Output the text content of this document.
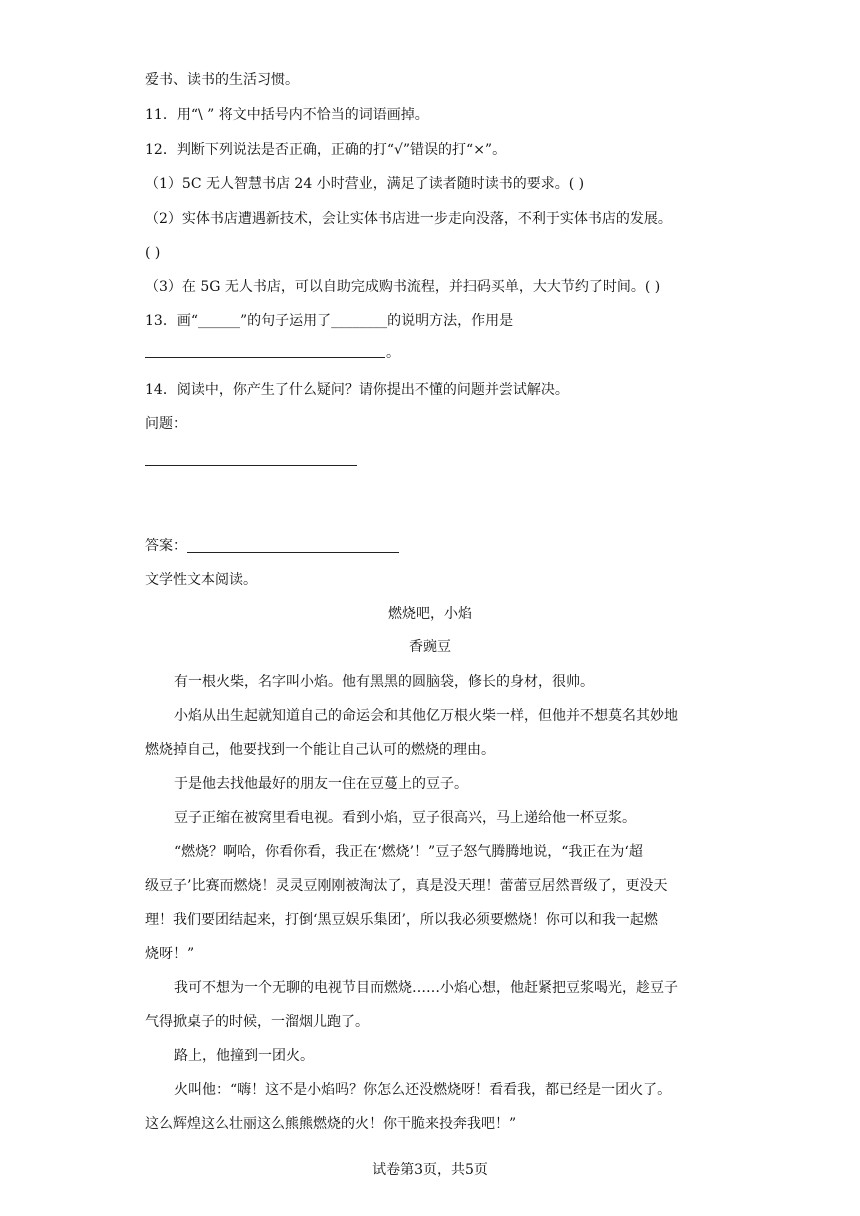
爱书、读书的生活习惯。
11．用“\ ” 将文中括号内不恰当的词语画掉。
12．判断下列说法是否正确，正确的打“√”错误的打“×”。
（1）5C 无人智慧书店 24 小时营业，满足了读者随时读书的要求。( )
（2）实体书店遭遇新技术，会让实体书店进一步走向没落，不利于实体书店的发展。
( )
（3）在 5G 无人书店，可以自助完成购书流程，并扫码买单，大大节约了时间。( )
13．画“______”的句子运用了________的说明方法，作用是
。
14．阅读中，你产生了什么疑问？请你提出不懂的问题并尝试解决。
问题：
答案：
文学性文本阅读。
燃烧吧，小焰
香豌豆
有一根火柴，名字叫小焰。他有黑黑的圆脑袋，修长的身材，很帅。
小焰从出生起就知道自己的命运会和其他亿万根火柴一样，但他并不想莫名其妙地
燃烧掉自己，他要找到一个能让自己认可的燃烧的理由。
于是他去找他最好的朋友一住在豆蔓上的豆子。
豆子正缩在被窝里看电视。看到小焰，豆子很高兴，马上递给他一杯豆浆。
“燃烧？啊哈，你看你看，我正在‘燃烧’！”豆子怒气腾腾地说，“我正在为‘超
级豆子’比赛而燃烧！灵灵豆刚刚被淘汰了，真是没天理！蕾蕾豆居然晋级了，更没天
理！我们要团结起来，打倒‘黑豆娱乐集团’，所以我必须要燃烧！你可以和我一起燃
烧呀！”
我可不想为一个无聊的电视节目而燃烧……小焰心想，他赶紧把豆浆喝光，趁豆子
气得掀桌子的时候，一溜烟儿跑了。
路上，他撞到一团火。
火叫他：“嗨！这不是小焰吗？你怎么还没燃烧呀！看看我，都已经是一团火了。
这么辉煌这么壮丽这么熊熊燃烧的火！你干脆来投奔我吧！”
试卷第3页，共5页
